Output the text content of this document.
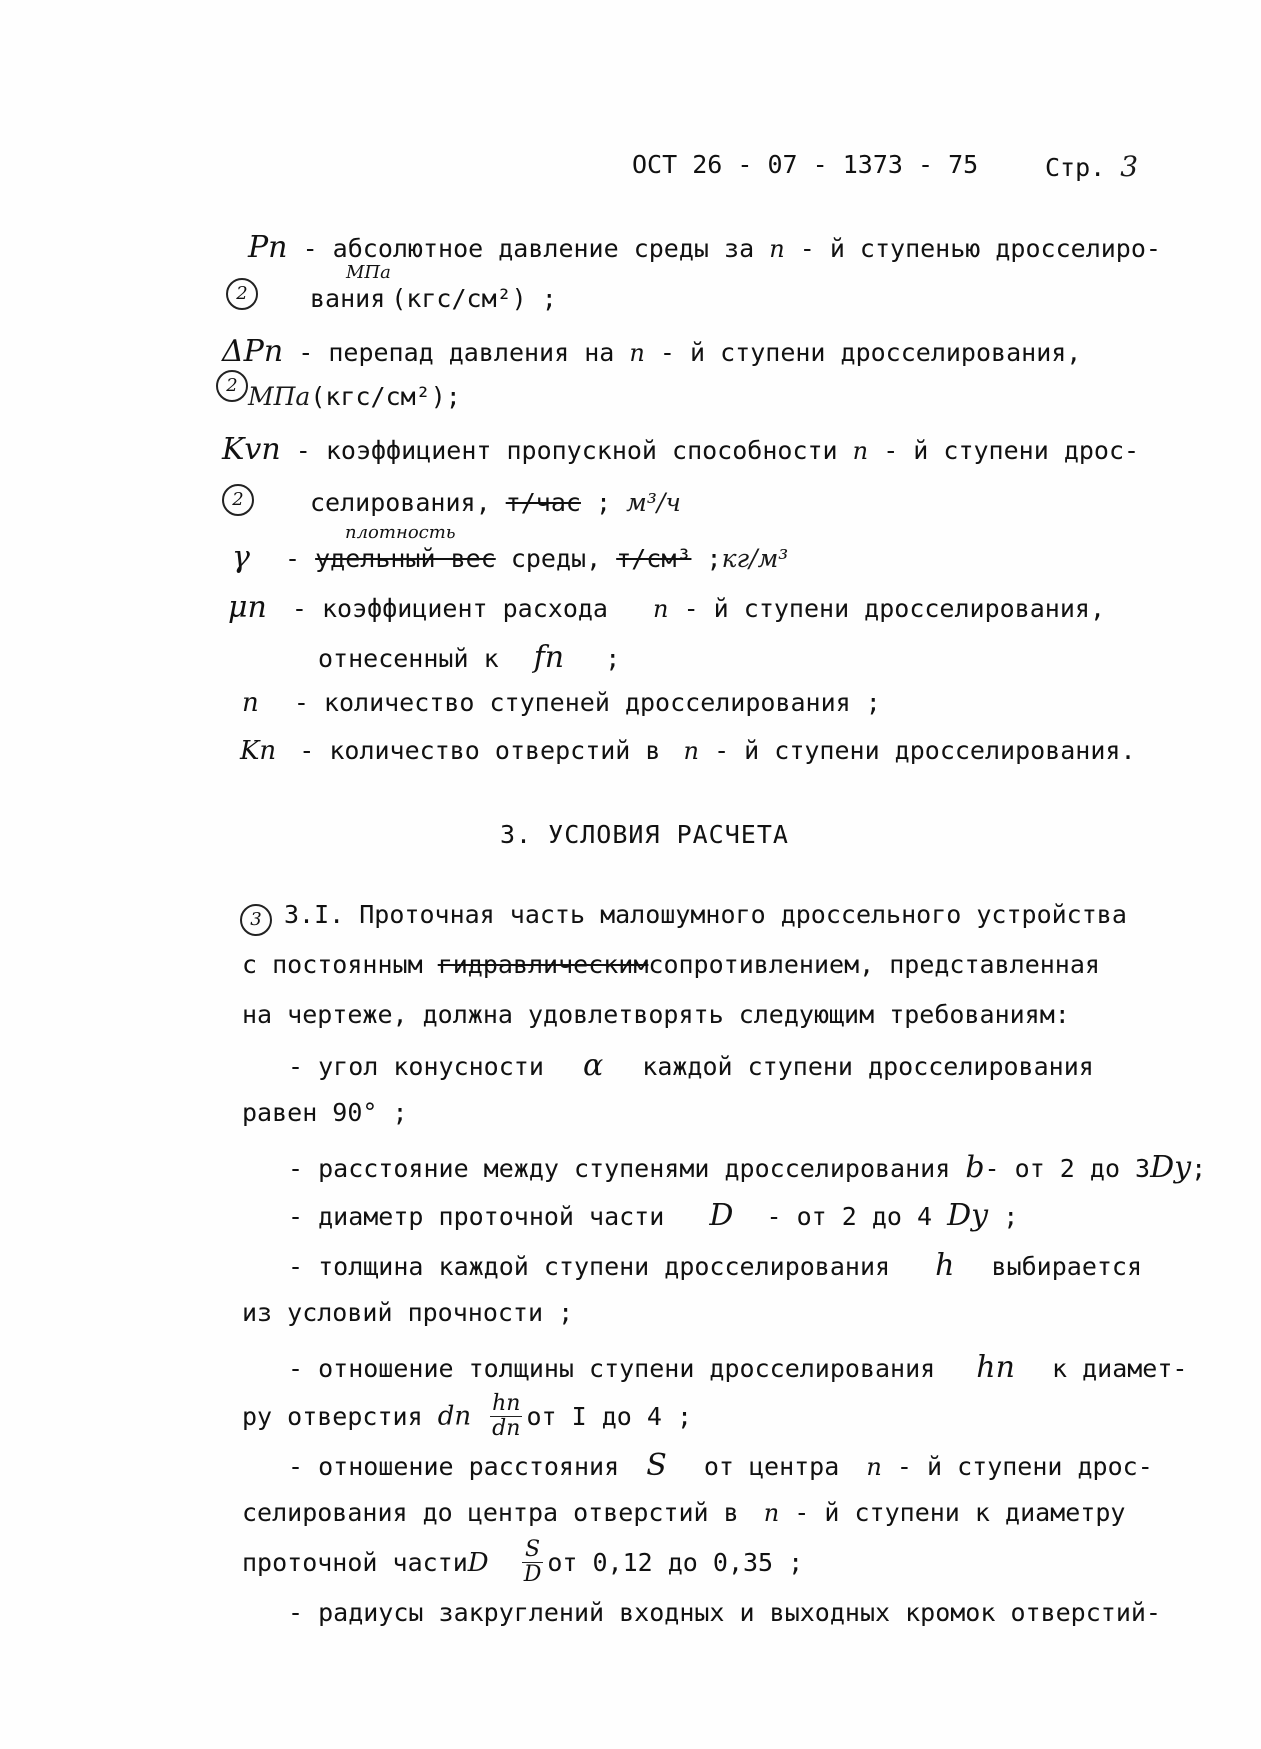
ОСТ 26 - 07 - 1373 - 75	Стр. 3
Pn - абсолютное давление среды за n - й ступенью дросселиро-
2
МПа
вания (кгс/см²) ;
ΔPn - перепад давления на n - й ступени дросселирования,
2 МПа(кгс/см²);
Kvn - коэффициент пропускной способности n - й ступени дрос-
2	селирования, т/час ; м³/ч
плотность
γ - удельный вес среды, т/см³ ;кг/м³
μn - коэффициент расхода n - й ступени дросселирования,
отнесенный к fn ;
n - количество ступеней дросселирования ;
Kn - количество отверстий в n - й ступени дросселирования.
3. УСЛОВИЯ РАСЧЕТА
3 3.I. Проточная часть малошумного дроссельного устройства
с постоянным гидравлическимсопротивлением, представленная
на чертеже, должна удовлетворять следующим требованиям:
- угол конусности α каждой ступени дросселирования
равен 90° ;
- расстояние между ступенями дросселирования b- от 2 до 3Dy;
- диаметр проточной части D - от 2 до 4 Dy ;
- толщина каждой ступени дросселирования h выбирается
из условий прочности ;
- отношение толщины ступени дросселирования hn к диамет-
ру отверстия dn $\frac{hn}{dn}$ от I до 4 ;
- отношение расстояния S от центра n - й ступени дрос-
селирования до центра отверстий в n - й ступени к диаметру
проточной частиD $\frac{S}{D}$ от 0,12 до 0,35 ;
- радиусы закруглений входных и выходных кромок отверстий-
